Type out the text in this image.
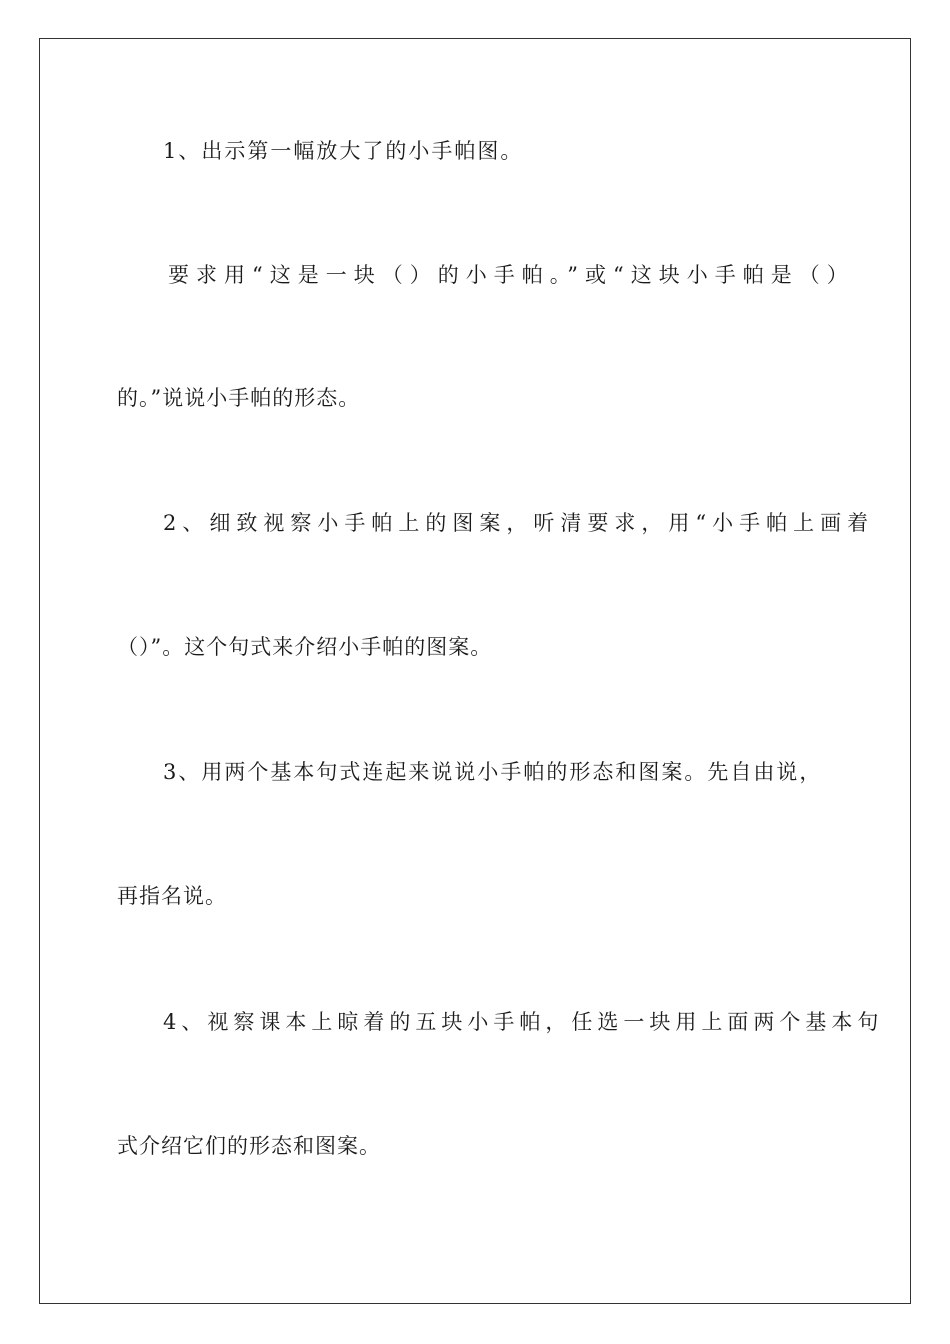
1、出示第一幅放大了的小手帕图。
要求用“这是一块（）的小手帕。”或“这块小手帕是（）
的。”说说小手帕的形态。
2、细致视察小手帕上的图案，听清要求，用“小手帕上画着
（）”。这个句式来介绍小手帕的图案。
3、用两个基本句式连起来说说小手帕的形态和图案。先自由说，
再指名说。
4、视察课本上晾着的五块小手帕，任选一块用上面两个基本句
式介绍它们的形态和图案。
